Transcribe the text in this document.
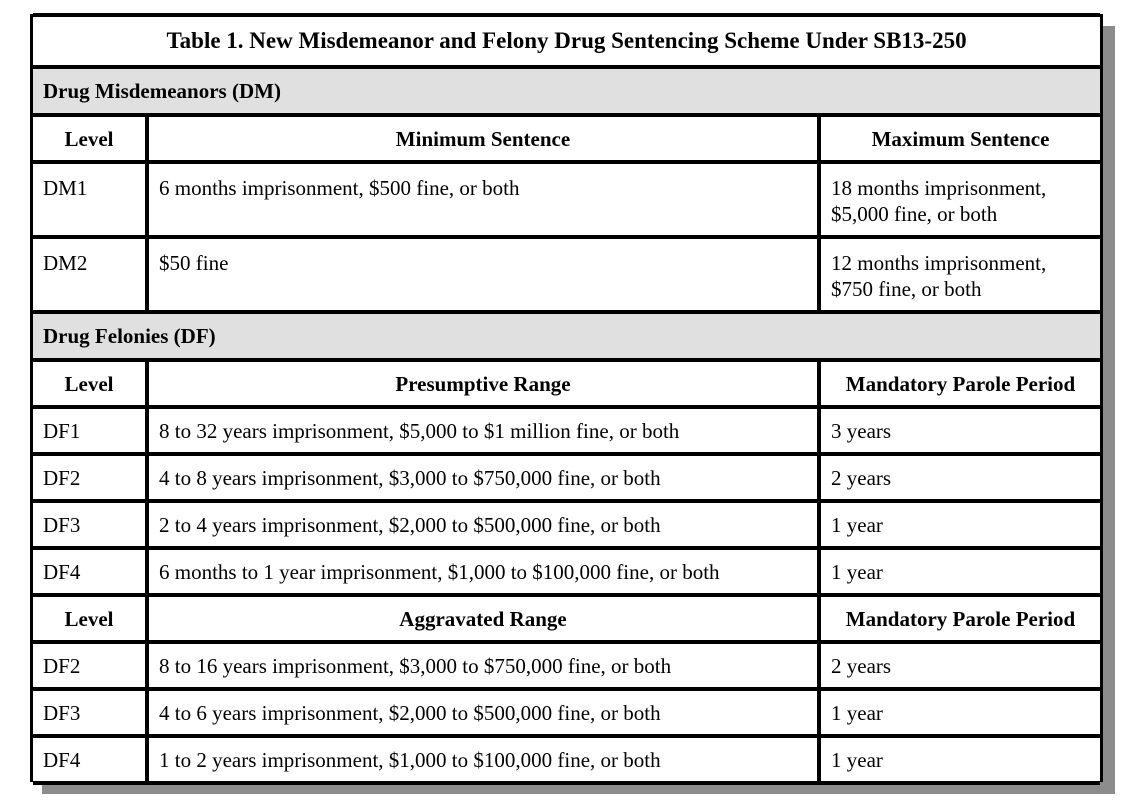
Table 1. New Misdemeanor and Felony Drug Sentencing Scheme Under SB13-250		
Drug Misdemeanors (DM)		
Level	Minimum Sentence	Maximum Sentence
DM1	6 months imprisonment, $500 fine, or both	18 months imprisonment,
$5,000 fine, or both
DM2	$50 fine	12 months imprisonment,
$750 fine, or both
Drug Felonies (DF)		
Level	Presumptive Range	Mandatory Parole Period
DF1	8 to 32 years imprisonment, $5,000 to $1 million fine, or both	3 years
DF2	4 to 8 years imprisonment, $3,000 to $750,000 fine, or both	2 years
DF3	2 to 4 years imprisonment, $2,000 to $500,000 fine, or both	1 year
DF4	6 months to 1 year imprisonment, $1,000 to $100,000 fine, or both	1 year
Level	Aggravated Range	Mandatory Parole Period
DF2	8 to 16 years imprisonment, $3,000 to $750,000 fine, or both	2 years
DF3	4 to 6 years imprisonment, $2,000 to $500,000 fine, or both	1 year
DF4	1 to 2 years imprisonment, $1,000 to $100,000 fine, or both	1 year
